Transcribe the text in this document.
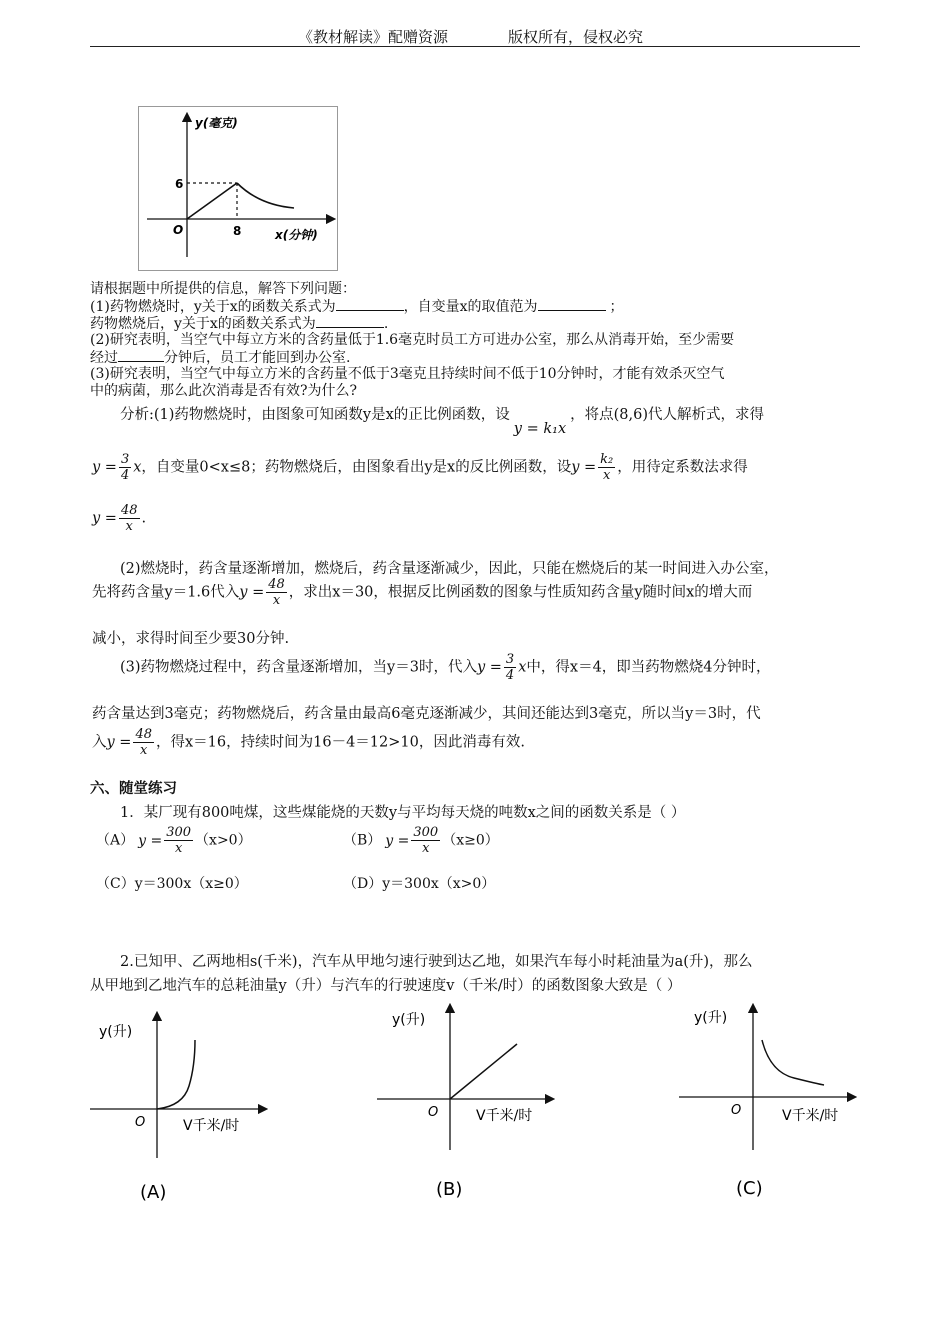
《教材解读》配赠资源	版权所有，侵权必究
y(毫克)
x(分钟)
O
6
8
请根据题中所提供的信息，解答下列问题：
(1)药物燃烧时，y关于x的函数关系式为	，自变量x的取值范为	；
药物燃烧后，y关于x的函数关系式为	.
(2)研究表明，当空气中每立方米的含药量低于1.6毫克时员工方可进办公室，那么从消毒开始，至少需要
经过	分钟后，员工才能回到办公室.
(3)研究表明，当空气中每立方米的含药量不低于3毫克且持续时间不低于10分钟时，才能有效杀灭空气
中的病菌，那么此次消毒是否有效?为什么?
分析:(1)药物燃烧时，由图象可知函数y是x的正比例函数，设y = k₁x，将点(8,6)代人解析式，求得
$y = \frac{3}{4}$ x，自变量0<x≤8；药物燃烧后，由图象看出y是x的反比例函数，设$y = \frac{\text{k₂}}{x}$ ，用待定系数法求得
$y = \frac{48}{x}$ .
(2)燃烧时，药含量逐渐增加，燃烧后，药含量逐渐减少，因此，只能在燃烧后的某一时间进入办公室，
先将药含量y＝1.6代入$y = \frac{48}{x}$ ，求出x＝30，根据反比例函数的图象与性质知药含量y随时间x的增大而
减小，求得时间至少要30分钟.
(3)药物燃烧过程中，药含量逐渐增加，当y＝3时，代入$y = \frac{3}{4}$ x中，得x＝4，即当药物燃烧4分钟时，
药含量达到3毫克；药物燃烧后，药含量由最高6毫克逐渐减少，其间还能达到3毫克，所以当y＝3时，代
入$y = \frac{48}{x}$ ，得x＝16，持续时间为16－4＝12>10，因此消毒有效.
六、随堂练习
1．某厂现有800吨煤，这些煤能烧的天数y与平均每天烧的吨数x之间的函数关系是（ ）
（A） $y = \frac{300}{x} (x>0)$	（B） $y = \frac{300}{x} (x\ge 0)$
（C）y＝300x（x≥0）	（D）y＝300x（x>0）
2.已知甲、乙两地相s(千米)，汽车从甲地匀速行驶到达乙地，如果汽车每小时耗油量为a(升)，那么
从甲地到乙地汽车的总耗油量y（升）与汽车的行驶速度v（千米/时）的函数图象大致是（ ）
y(升)
V千米/时
O
(A)
y(升)
V千米/时
O
(B)
y(升)
V千米/时
O
(C)
